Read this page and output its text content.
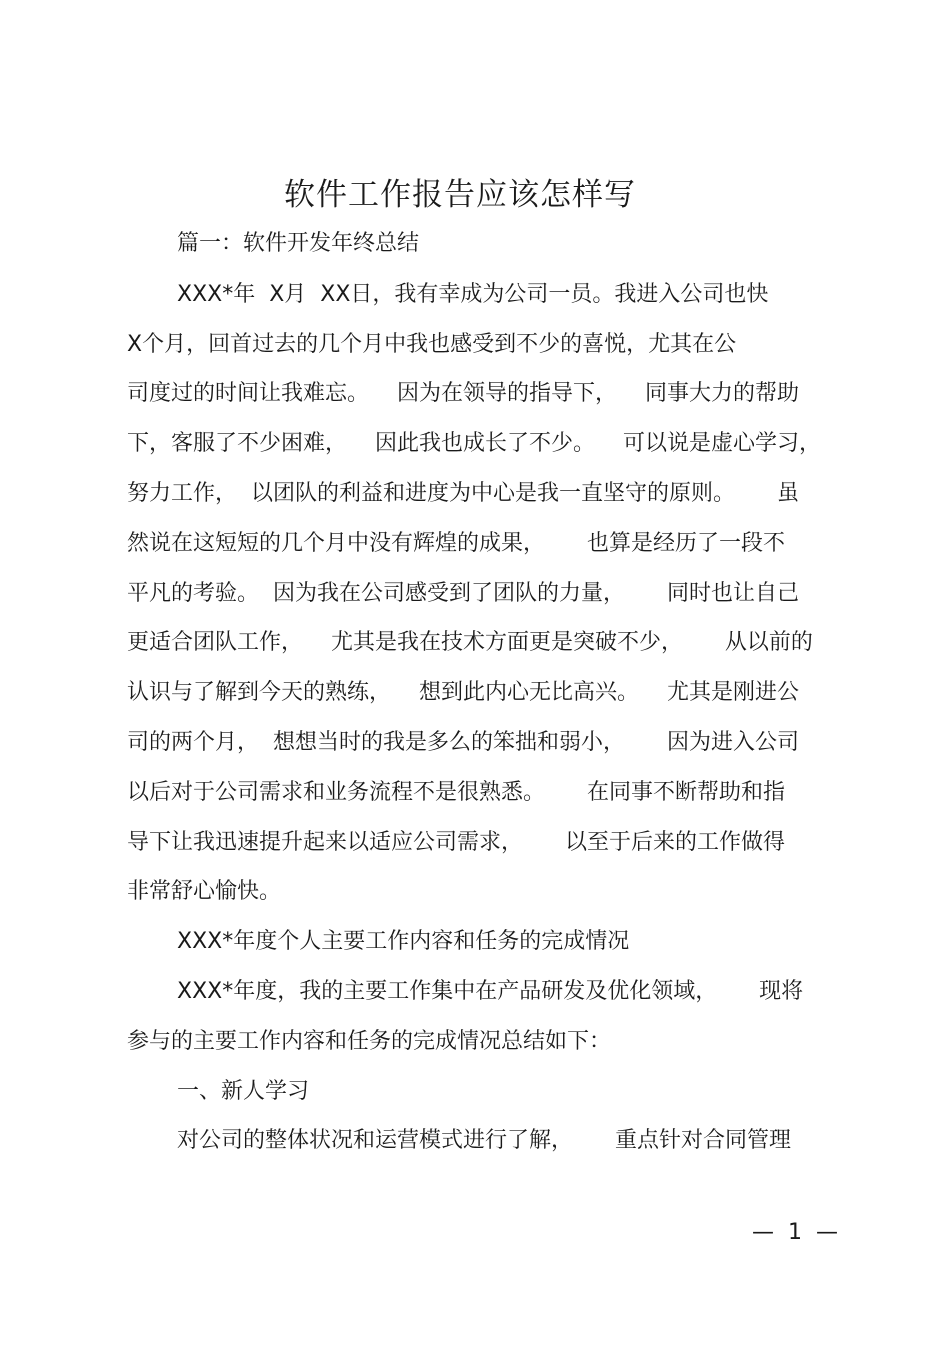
软件工作报告应该怎样写
篇一：软件开发年终总结
XXX*年  X月  XX日，我有幸成为公司一员。我进入公司也快
X个月，回首过去的几个月中我也感受到不少的喜悦，尤其在公
司度过的时间让我难忘。    因为在领导的指导下，    同事大力的帮助
下，客服了不少困难，    因此我也成长了不少。    可以说是虚心学习，
努力工作，  以团队的利益和进度为中心是我一直坚守的原则。      虽
然说在这短短的几个月中没有辉煌的成果，      也算是经历了一段不
平凡的考验。  因为我在公司感受到了团队的力量，      同时也让自己
更适合团队工作，    尤其是我在技术方面更是突破不少，      从以前的
认识与了解到今天的熟练，    想到此内心无比高兴。    尤其是刚进公
司的两个月，  想想当时的我是多么的笨拙和弱小，      因为进入公司
以后对于公司需求和业务流程不是很熟悉。      在同事不断帮助和指
导下让我迅速提升起来以适应公司需求，      以至于后来的工作做得
非常舒心愉快。
XXX*年度个人主要工作内容和任务的完成情况
XXX*年度，我的主要工作集中在产品研发及优化领域，      现将
参与的主要工作内容和任务的完成情况总结如下：
一、新人学习
对公司的整体状况和运营模式进行了解，      重点针对合同管理
—  1  —
